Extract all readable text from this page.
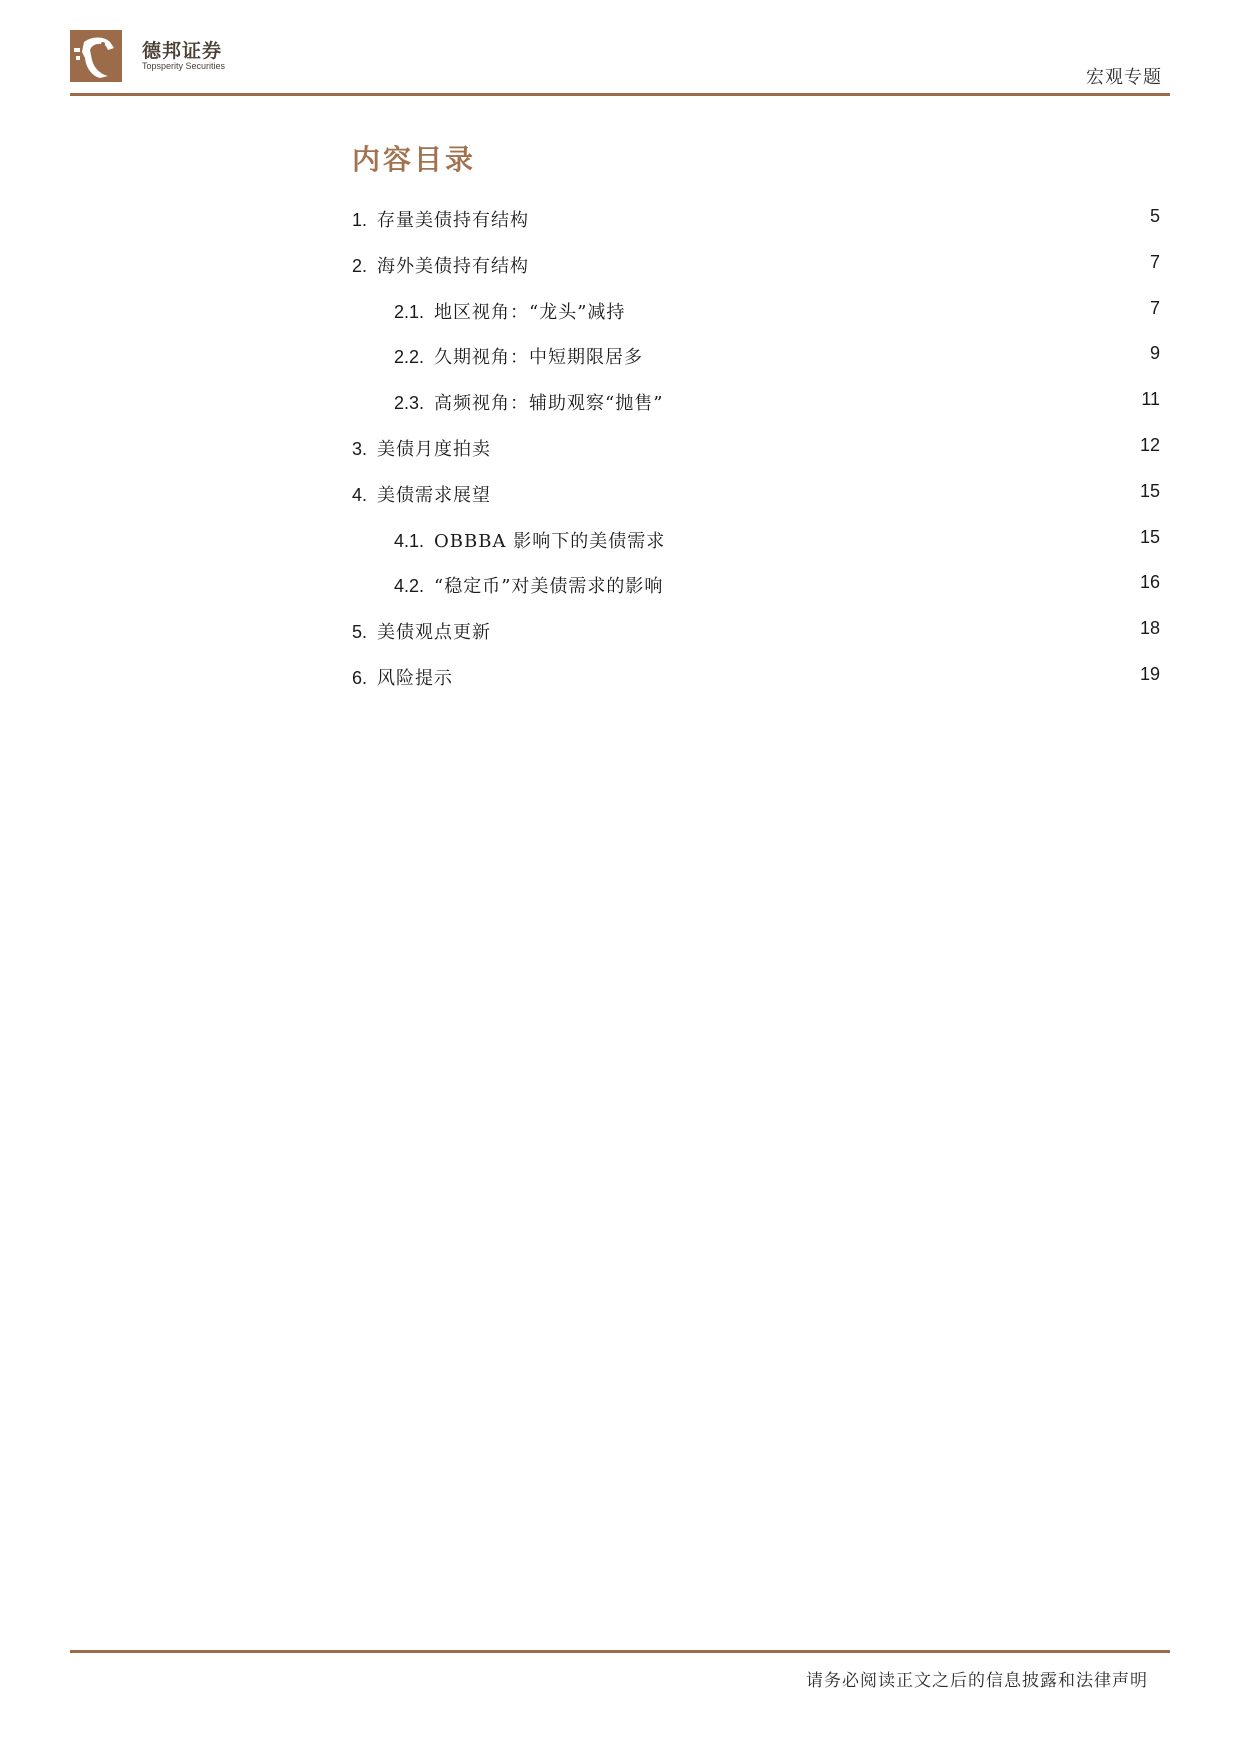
德邦证券
Topsperity Securities
宏观专题
内容目录
1. 存量美债持有结构	5
2. 海外美债持有结构	7
2.1. 地区视角：“龙头”减持	7
2.2. 久期视角：中短期限居多	9
2.3. 高频视角：辅助观察“抛售”	11
3. 美债月度拍卖	12
4. 美债需求展望	15
4.1. OBBBA 影响下的美债需求	15
4.2. “稳定币”对美债需求的影响	16
5. 美债观点更新	18
6. 风险提示	19
请务必阅读正文之后的信息披露和法律声明
